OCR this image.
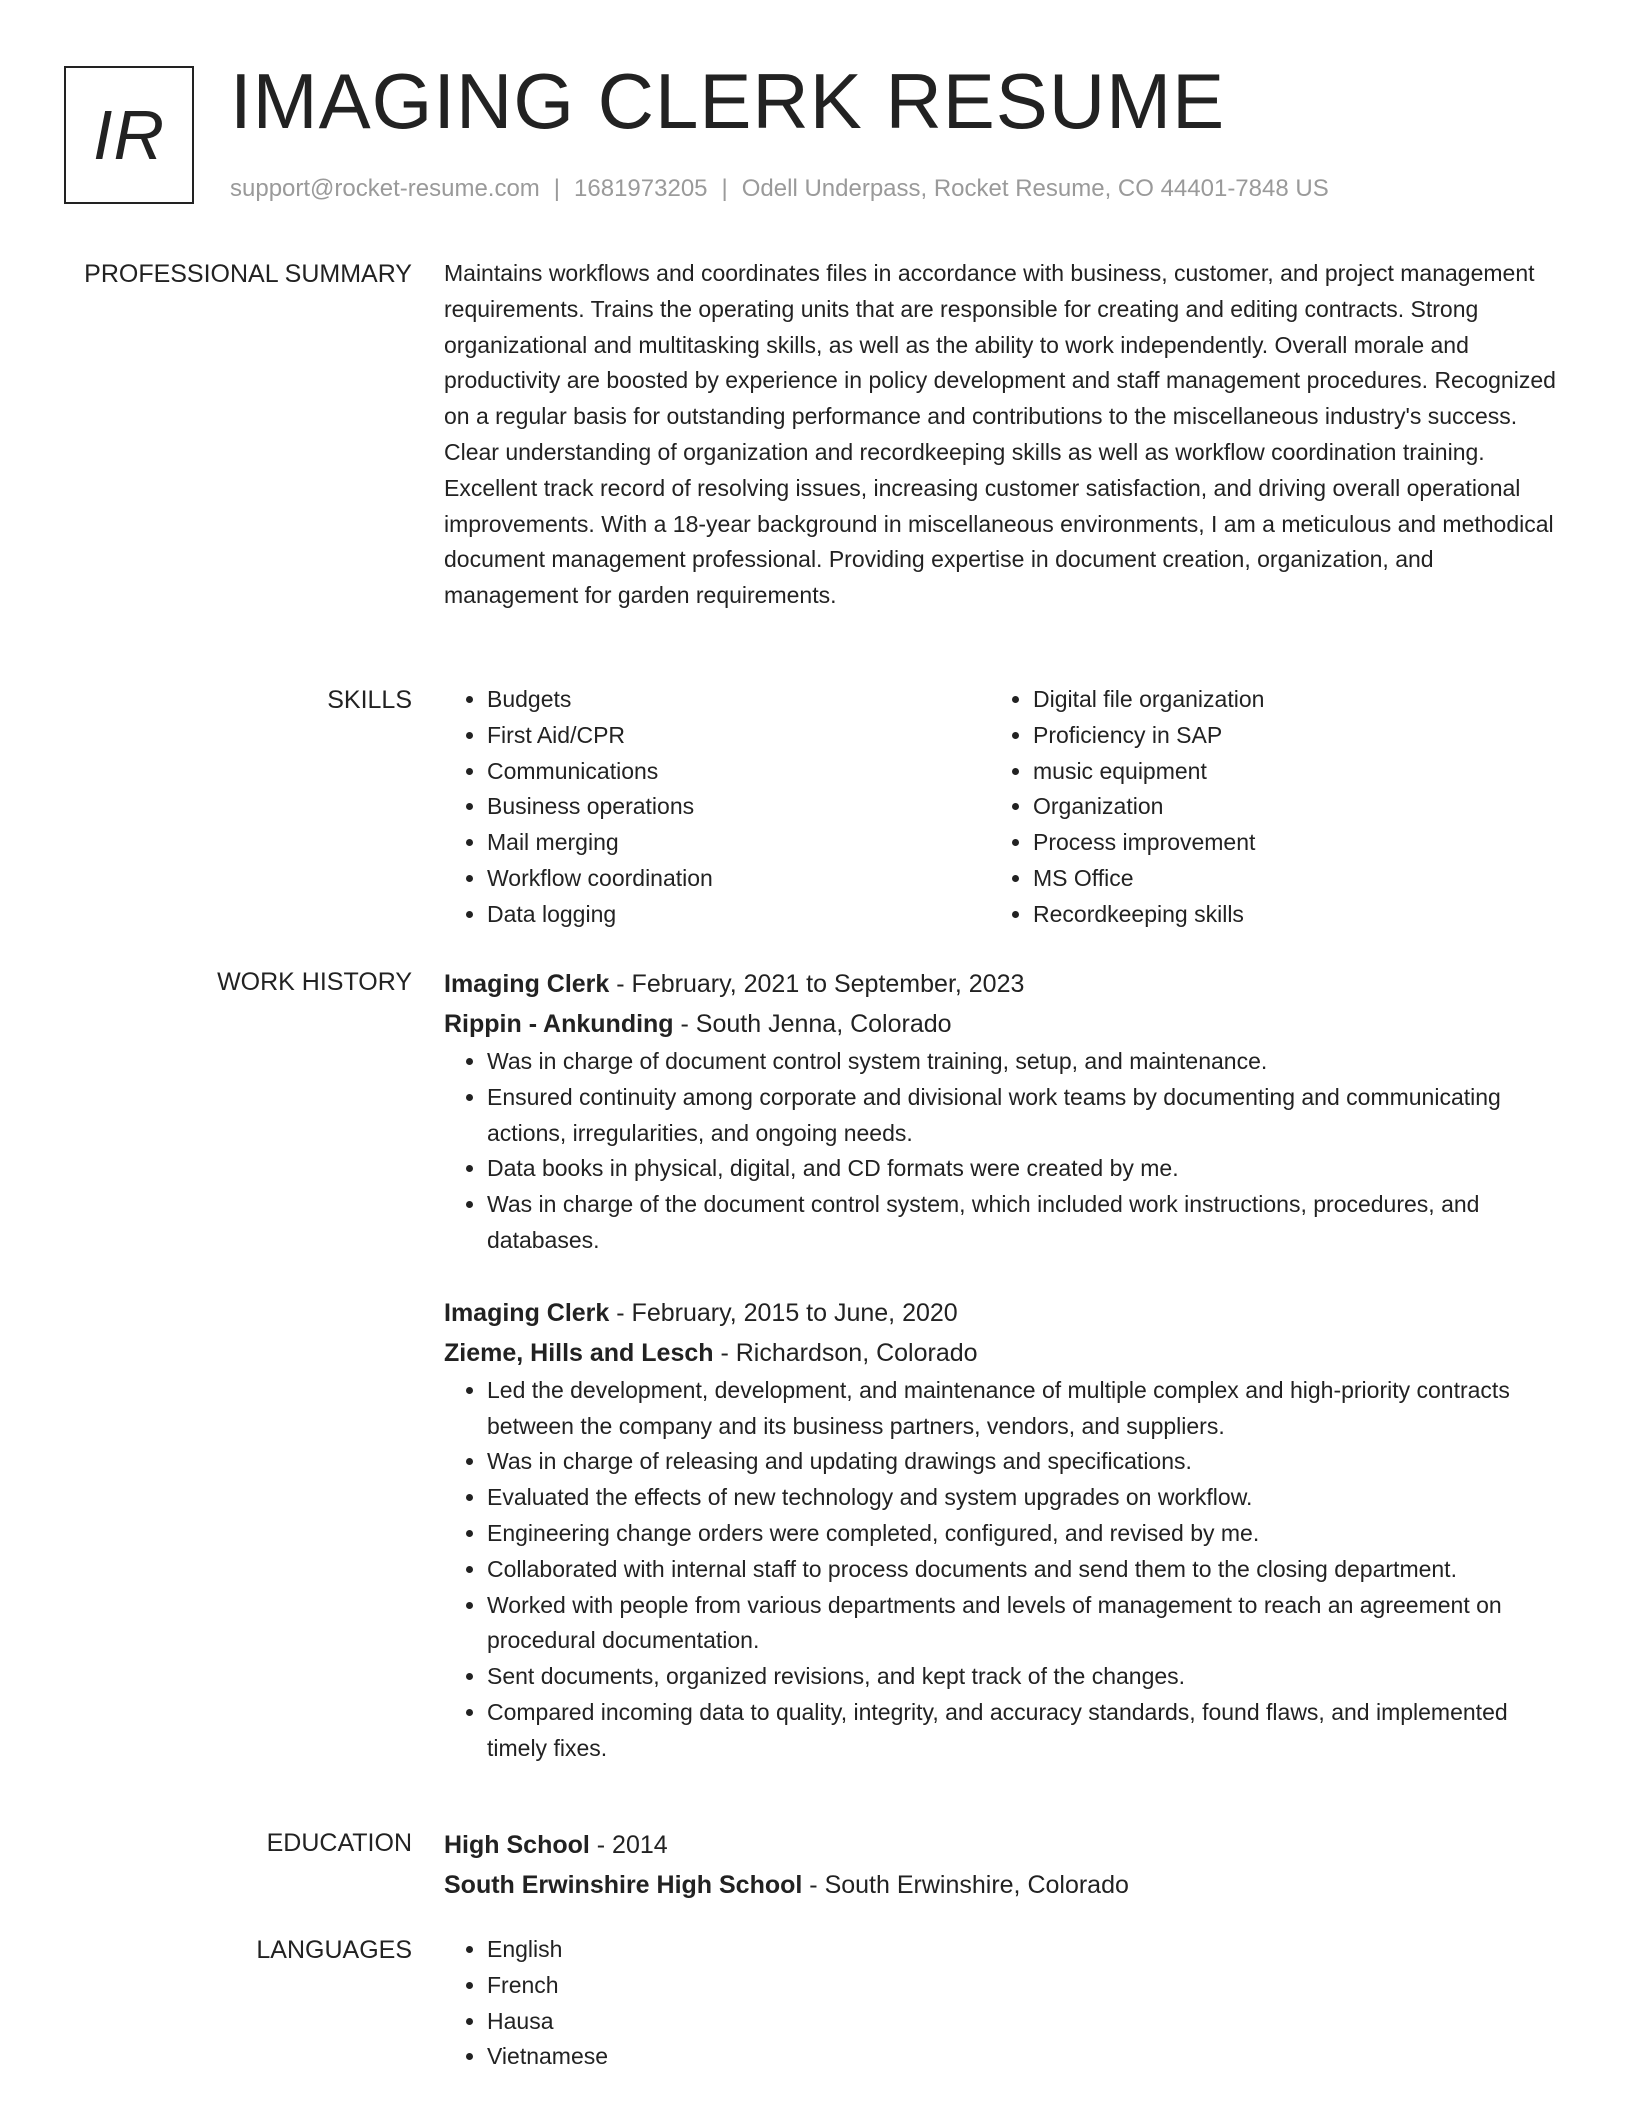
IR IMAGING CLERK RESUME
support@rocket-resume.com | 1681973205 | Odell Underpass, Rocket Resume, CO 44401-7848 US
PROFESSIONAL SUMMARY Maintains workflows and coordinates files in accordance with business, customer, and project management requirements. Trains the operating units that are responsible for creating and editing contracts. Strong organizational and multitasking skills, as well as the ability to work independently. Overall morale and productivity are boosted by experience in policy development and staff management procedures. Recognized on a regular basis for outstanding performance and contributions to the miscellaneous industry's success. Clear understanding of organization and recordkeeping skills as well as workflow coordination training. Excellent track record of resolving issues, increasing customer satisfaction, and driving overall operational improvements. With a 18-year background in miscellaneous environments, I am a meticulous and methodical document management professional. Providing expertise in document creation, organization, and management for garden requirements.

SKILLS	• Budgets
• First Aid/CPR
• Communications
• Business operations
• Mail merging
• Workflow coordination
• Data logging
• Digital file organization
• Proficiency in SAP
• music equipment
• Organization
• Process improvement
• MS Office
• Recordkeeping skills
WORK HISTORY Imaging Clerk - February, 2021 to September, 2023

Rippin - Ankunding - South Jenna, Colorado

• Was in charge of document control system training, setup, and maintenance.
• Ensured continuity among corporate and divisional work teams by documenting and communicating actions, irregularities, and ongoing needs.
• Data books in physical, digital, and CD formats were created by me.
• Was in charge of the document control system, which included work instructions, procedures, and databases.

Imaging Clerk - February, 2015 to June, 2020

Zieme, Hills and Lesch - Richardson, Colorado

• Led the development, development, and maintenance of multiple complex and high-priority contracts between the company and its business partners, vendors, and suppliers.
• Was in charge of releasing and updating drawings and specifications.
• Evaluated the effects of new technology and system upgrades on workflow.
• Engineering change orders were completed, configured, and revised by me.
• Collaborated with internal staff to process documents and send them to the closing department.
• Worked with people from various departments and levels of management to reach an agreement on procedural documentation.
• Sent documents, organized revisions, and kept track of the changes.
• Compared incoming data to quality, integrity, and accuracy standards, found flaws, and implemented timely fixes.
EDUCATION High School - 2014

South Erwinshire High School - South Erwinshire, Colorado

LANGUAGES	• English
• French
• Hausa
• Vietnamese
